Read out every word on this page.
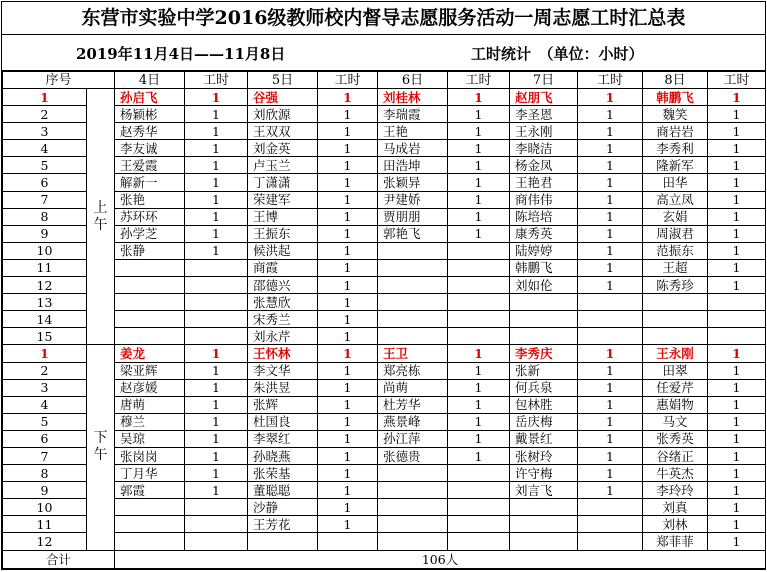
东营市实验中学2016级教师校内督导志愿服务活动一周志愿工时汇总表
2019年11月4日——11月8日	工时统计　（单位：小时）
序号		4日	工时	5日	工时	6日	工时	7日	工时	8日	工时
1	上午	孙启飞	1	谷强	1	刘桂林	1	赵朋飞	1	韩鹏飞	1
2		杨颖彬	1	刘欣源	1	李瑞霞	1	李圣恩	1	魏笑	1
3		赵秀华	1	王双双	1	王艳	1	王永刚	1	商岩岩	1
4		李友诚	1	刘金英	1	马成岩	1	李晓洁	1	李秀利	1
5		王爱霞	1	卢玉兰	1	田浩坤	1	杨金凤	1	隆新军	1
6		解新一	1	丁潇潇	1	张颖异	1	王艳君	1	田华	1
7		张艳	1	荣建军	1	尹建娇	1	商伟伟	1	高立凤	1
8		苏环环	1	王博	1	贾朋朋	1	陈培培	1	玄娟	1
9		孙学芝	1	王振东	1	郭艳飞	1	康秀英	1	周淑君	1
10		张静	1	候洪起	1			陆婷婷	1	范振东	1
11				商霞	1			韩鹏飞	1	王超	1
12				邵德兴	1			刘如伦	1	陈秀珍	1
13				张慧欣	1						
14				宋秀兰	1						
15				刘永芹	1						
1	下午	姜龙	1	王怀林	1	王卫	1	李秀庆	1	王永刚	1
2		梁亚辉	1	李文华	1	郑亮栋	1	张新	1	田翠	1
3		赵彦媛	1	朱洪昱	1	尚萌	1	何兵泉	1	任爱芹	1
4		唐萌	1	张辉	1	杜芳华	1	包林胜	1	惠娟物	1
5		穆兰	1	杜国良	1	燕景峰	1	岳庆梅	1	马文	1
6		吴琼	1	李翠红	1	孙江萍	1	戴景红	1	张秀英	1
7		张岗岗	1	孙晓燕	1	张德贵	1	张树玲	1	谷绪正	1
8		丁月华	1	张荣基	1			许守梅	1	牛英杰	1
9		郭霞	1	董聪聪	1			刘言飞	1	李玲玲	1
10				沙静	1					刘真	1
11				王芳花	1					刘林	1
12										郑菲菲	1
合计		106人									
